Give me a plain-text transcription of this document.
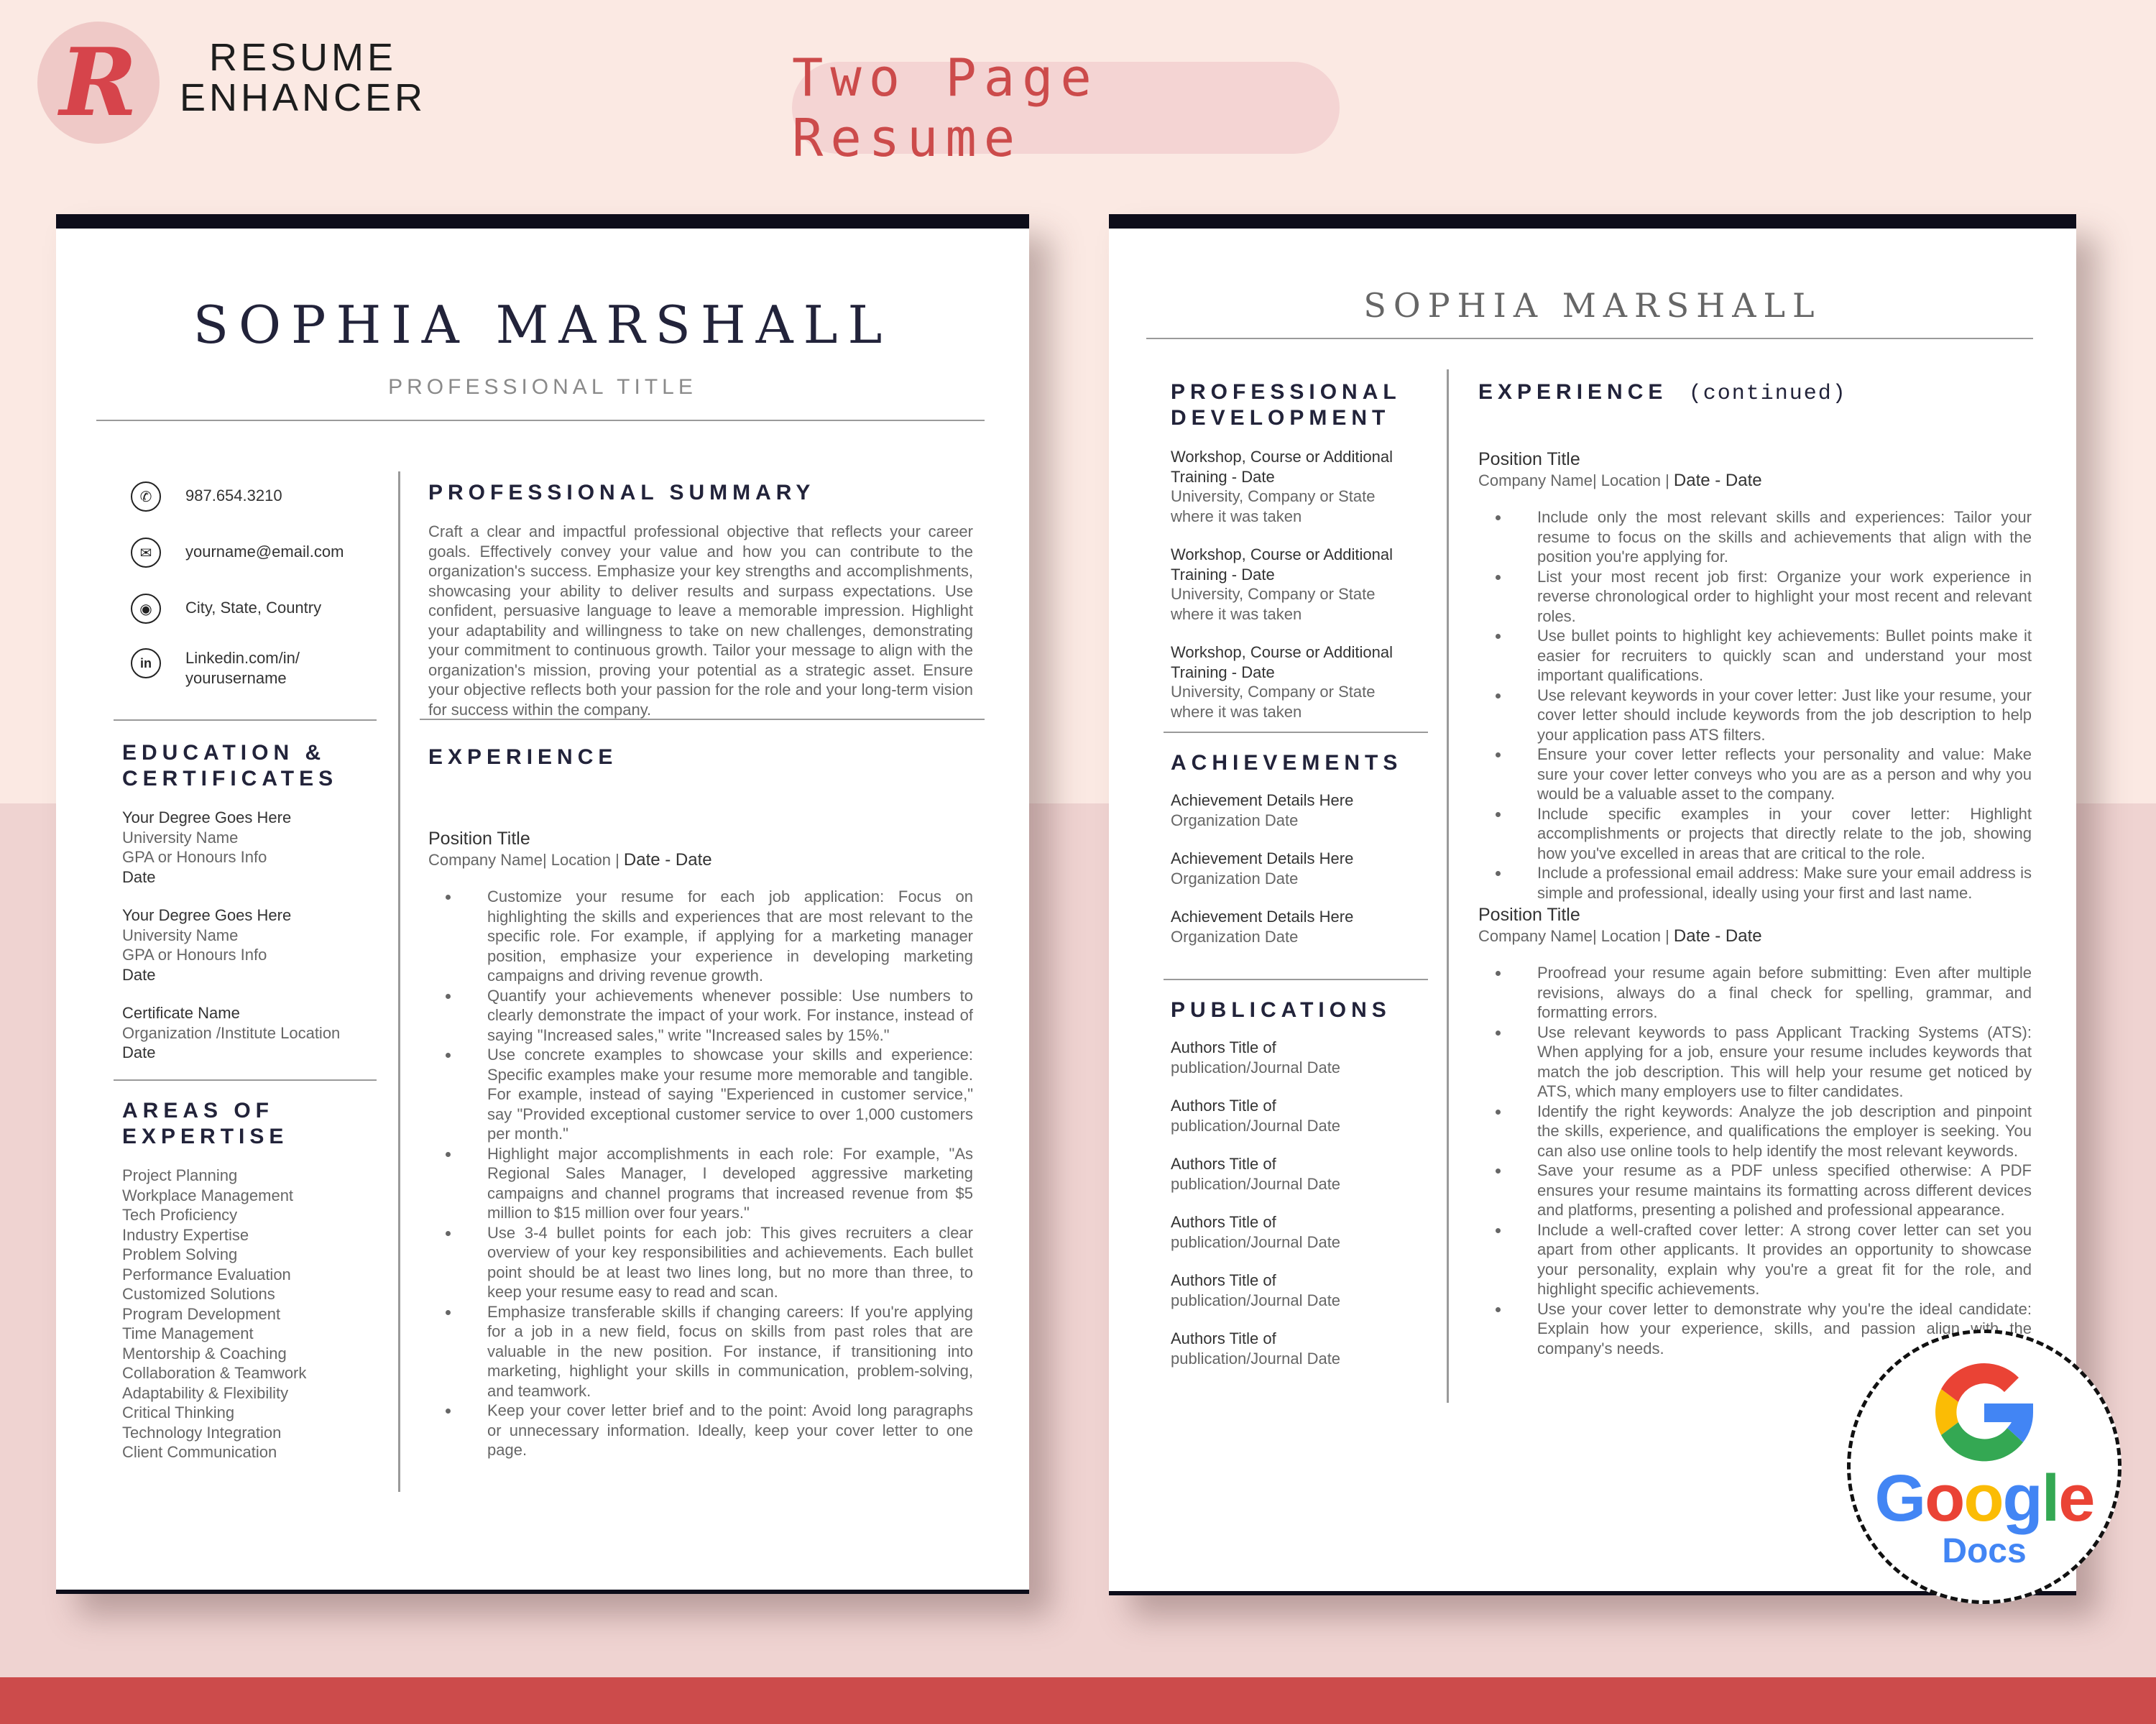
R	RESUME
ENHANCER	Two Page Resume
SOPHIA MARSHALL
PROFESSIONAL TITLE
✆	987.654.3210
✉	yourname@email.com
◉	City, State, Country
in	Linkedin.com/in/
yourusername
EDUCATION &
CERTIFICATES
Your Degree Goes Here
University Name
GPA or Honours Info
Date
Your Degree Goes Here
University Name
GPA or Honours Info
Date
Certificate Name
Organization /Institute Location
Date
AREAS OF
EXPERTISE
Project Planning
Workplace Management
Tech Proficiency
Industry Expertise
Problem Solving
Performance Evaluation
Customized Solutions
Program Development
Time Management
Mentorship & Coaching
Collaboration & Teamwork
Adaptability & Flexibility
Critical Thinking
Technology Integration
Client Communication
PROFESSIONAL SUMMARY
Craft a clear and impactful professional objective that reflects your career goals. Effectively convey your value and how you can contribute to the organization's success. Emphasize your key strengths and accomplishments, showcasing your ability to deliver results and surpass expectations. Use confident, persuasive language to leave a memorable impression. Highlight your adaptability and willingness to take on new challenges, demonstrating your commitment to continuous growth. Tailor your message to align with the organization's mission, proving your potential as a strategic asset. Ensure your objective reflects both your passion for the role and your long-term vision for success within the company.
EXPERIENCE
Position Title
Company Name| Location | Date - Date
• Customize your resume for each job application: Focus on highlighting the skills and experiences that are most relevant to the specific role. For example, if applying for a marketing manager position, emphasize your experience in developing marketing campaigns and driving revenue growth.
• Quantify your achievements whenever possible: Use numbers to clearly demonstrate the impact of your work. For instance, instead of saying "Increased sales," write "Increased sales by 15%."
• Use concrete examples to showcase your skills and experience: Specific examples make your resume more memorable and tangible. For example, instead of saying "Experienced in customer service," say "Provided exceptional customer service to over 1,000 customers per month."
• Highlight major accomplishments in each role: For example, "As Regional Sales Manager, I developed aggressive marketing campaigns and channel programs that increased revenue from $5 million to $15 million over four years."
• Use 3-4 bullet points for each job: This gives recruiters a clear overview of your key responsibilities and achievements. Each bullet point should be at least two lines long, but no more than three, to keep your resume easy to read and scan.
• Emphasize transferable skills if changing careers: If you're applying for a job in a new field, focus on skills from past roles that are valuable in the new position. For instance, if transitioning into marketing, highlight your skills in communication, problem-solving, and teamwork.
• Keep your cover letter brief and to the point: Avoid long paragraphs or unnecessary information. Ideally, keep your cover letter to one page.
SOPHIA MARSHALL
PROFESSIONAL
DEVELOPMENT
Workshop, Course or Additional
Training - Date
University, Company or State
where it was taken
Workshop, Course or Additional
Training - Date
University, Company or State
where it was taken
Workshop, Course or Additional
Training - Date
University, Company or State
where it was taken
ACHIEVEMENTS
Achievement Details Here
Organization Date
Achievement Details Here
Organization Date
Achievement Details Here
Organization Date
PUBLICATIONS
Authors Title of
publication/Journal Date
Authors Title of
publication/Journal Date
Authors Title of
publication/Journal Date
Authors Title of
publication/Journal Date
Authors Title of
publication/Journal Date
Authors Title of
publication/Journal Date
EXPERIENCE (continued)
Position Title
Company Name| Location | Date - Date
• Include only the most relevant skills and experiences: Tailor your resume to focus on the skills and achievements that align with the position you're applying for.
• List your most recent job first: Organize your work experience in reverse chronological order to highlight your most recent and relevant roles.
• Use bullet points to highlight key achievements: Bullet points make it easier for recruiters to quickly scan and understand your most important qualifications.
• Use relevant keywords in your cover letter: Just like your resume, your cover letter should include keywords from the job description to help your application pass ATS filters.
• Ensure your cover letter reflects your personality and value: Make sure your cover letter conveys who you are as a person and why you would be a valuable asset to the company.
• Include specific examples in your cover letter: Highlight accomplishments or projects that directly relate to the job, showing how you've excelled in areas that are critical to the role.
• Include a professional email address: Make sure your email address is simple and professional, ideally using your first and last name.
Position Title
Company Name| Location | Date - Date
• Proofread your resume again before submitting: Even after multiple revisions, always do a final check for spelling, grammar, and formatting errors.
• Use relevant keywords to pass Applicant Tracking Systems (ATS): When applying for a job, ensure your resume includes keywords that match the job description. This will help your resume get noticed by ATS, which many employers use to filter candidates.
• Identify the right keywords: Analyze the job description and pinpoint the skills, experience, and qualifications the employer is seeking. You can also use online tools to help identify the most relevant keywords.
• Save your resume as a PDF unless specified otherwise: A PDF ensures your resume maintains its formatting across different devices and platforms, presenting a polished and professional appearance.
• Include a well-crafted cover letter: A strong cover letter can set you apart from other applicants. It provides an opportunity to showcase your personality, explain why you're a great fit for the role, and highlight specific achievements.
• Use your cover letter to demonstrate why you're the ideal candidate: Explain how your experience, skills, and passion align with the company's needs.
Google
Docs
